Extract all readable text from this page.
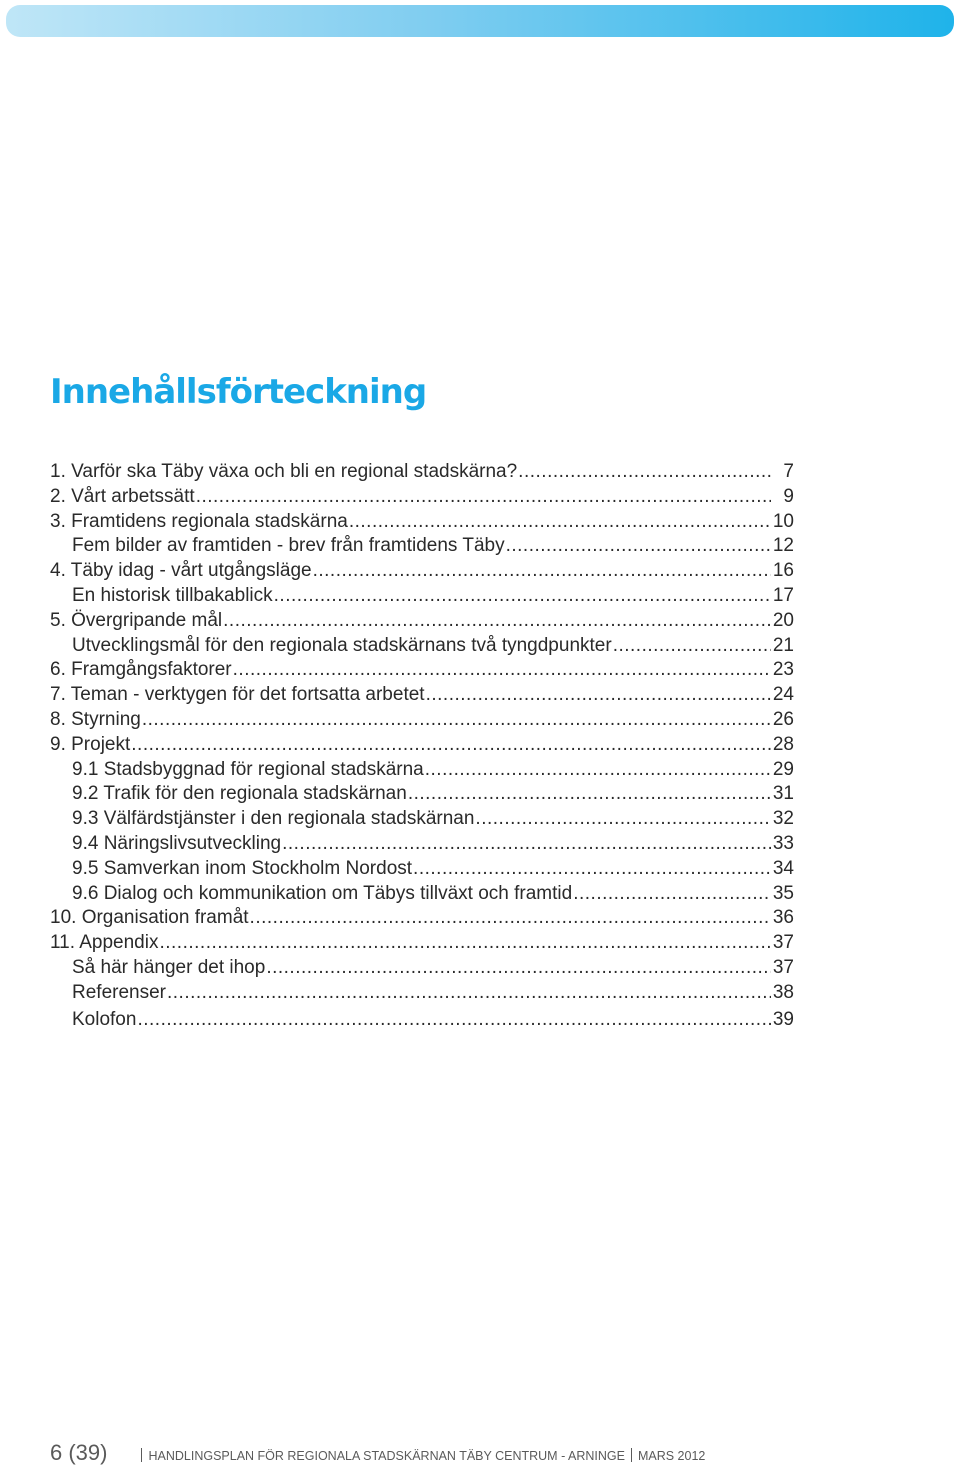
Innehållsförteckning
1. Varför ska Täby växa och bli en regional stadskärna? .....	7
2. Vårt arbetssätt .....	9
3. Framtidens regionala stadskärna .....	10
Fem bilder av framtiden - brev från framtidens Täby .....	12
4. Täby idag - vårt utgångsläge .....	16
En historisk tillbakablick .....	17
5. Övergripande mål .....	20
Utvecklingsmål för den regionala stadskärnans två tyngdpunkter .....	21
6. Framgångsfaktorer .....	23
7. Teman - verktygen för det fortsatta arbetet .....	24
8. Styrning .....	26
9. Projekt .....	28
9.1 Stadsbyggnad för regional stadskärna .....	29
9.2 Trafik för den regionala stadskärnan .....	31
9.3 Välfärdstjänster i den regionala stadskärnan .....	32
9.4 Näringslivsutveckling .....	33
9.5 Samverkan inom Stockholm Nordost .....	34
9.6 Dialog och kommunikation om Täbys tillväxt och framtid .....	35
10. Organisation framåt .....	36
11. Appendix .....	37
Så här hänger det ihop .....	37
Referenser .....	38
Kolofon .....	39
6 (39)	HANDLINGSPLAN FÖR REGIONALA STADSKÄRNAN TÄBY CENTRUM - ARNINGE MARS 2012
